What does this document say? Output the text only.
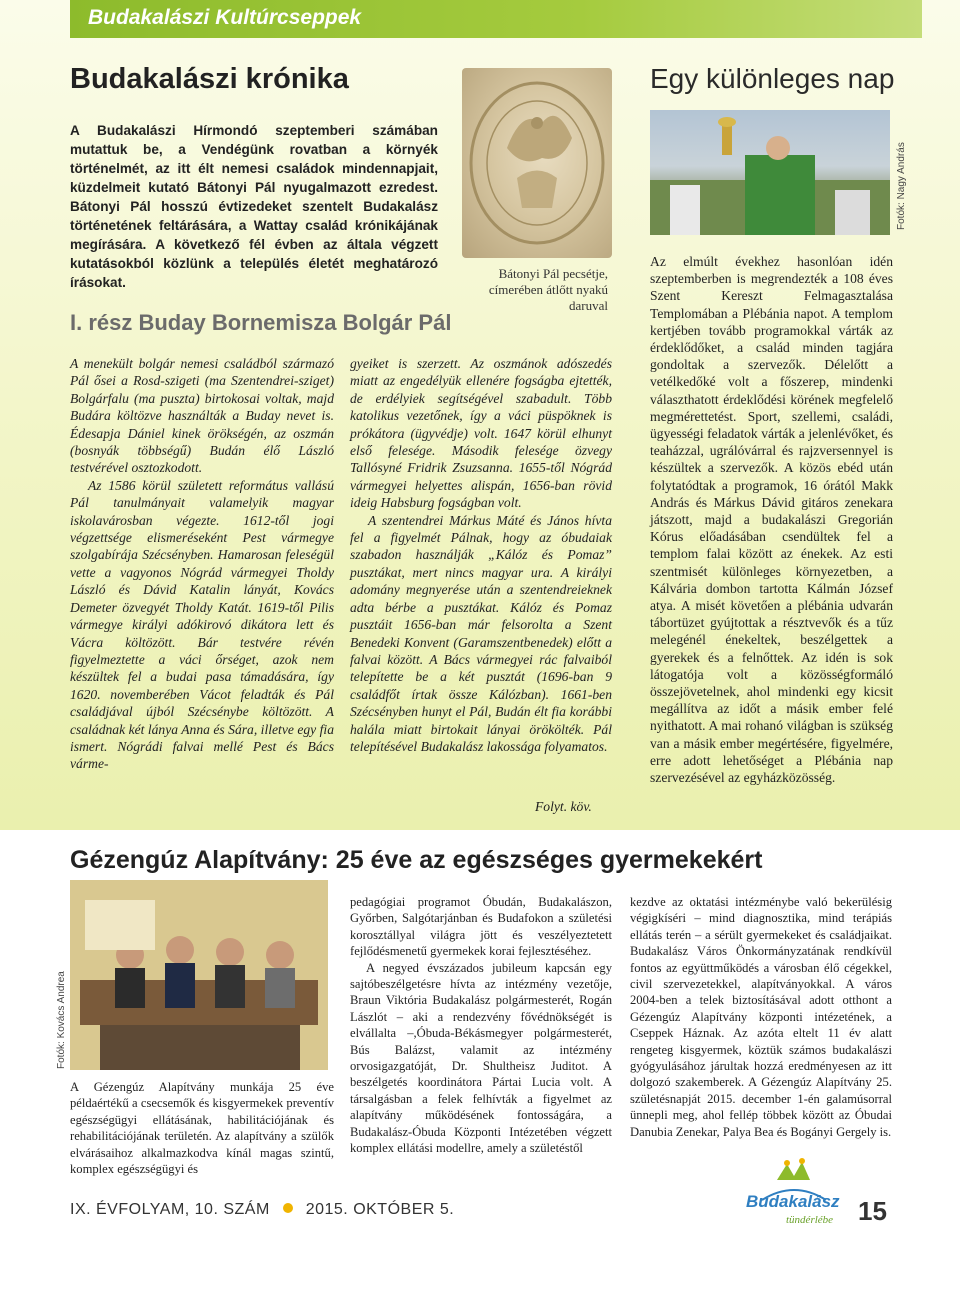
Budakalászi Kultúrcseppek
Budakalászi krónika
A Budakalászi Hírmondó szeptemberi számában mutattuk be, a Vendégünk rovatban a környék történelmét, az itt élt nemesi családok mindennapjait, küzdelmeit kutató Bátonyi Pál nyugalmazott ezredest. Bátonyi Pál hosszú évtizedeket szentelt Budakalász történetének feltárására, a Wattay család krónikájának megírására. A következő fél évben az általa végzett kutatásokból közlünk a település életét meghatározó írásokat.
I. rész Buday Bornemisza Bolgár Pál

A menekült bolgár nemesi családból származó Pál ősei a Rosd-szigeti (ma Szentendrei-sziget) Bolgárfalu (ma puszta) birtokosai voltak, majd Budára költözve használták a Buday nevet is. Édesapja Dániel kinek örökségén, az oszmán (bosnyák többségű) Budán élő László testvérével osztozkodott.

Az 1586 körül született református vallású Pál tanulmányait valamelyik magyar iskolavárosban végezte. 1612-től jogi végzettsége elismeréseként Pest vármegye szolgabírája Szécsényben. Hamarosan feleségül vette a vagyonos Nógrád vármegyei Tholdy László és Dávid Katalin lányát, Kovács Demeter özvegyét Tholdy Katát. 1619-től Pilis vármegye királyi adókirovó dikátora lett és Vácra költözött. Bár testvére révén figyelmeztette a váci őrséget, azok nem készültek fel a budai pasa támadására, így 1620. novemberében Vácot feladták és Pál családjával újból Szécsénybe költözött. A családnak két lánya Anna és Sára, illetve egy fia ismert. Nógrádi falvai mellé Pest és Bács várme-

gyeiket is szerzett. Az oszmánok adószedés miatt az engedélyük ellenére fogságba ejtették, de erdélyiek segítségével szabadult. Több katolikus vezetőnek, így a váci püspöknek is prókátora (ügyvédje) volt. 1647 körül elhunyt első felesége. Második felesége özvegy Tallósyné Fridrik Zsuzsanna. 1655-től Nógrád vármegyei helyettes alispán, 1656-ban rövid ideig Habsburg fogságban volt.

A szentendrei Márkus Máté és János hívta fel a figyelmét Pálnak, hogy az óbudaiak szabadon használják „Kálóz és Pomaz” pusztákat, mert nincs magyar ura. A királyi adomány megnyerése után a szentendreieknek adta bérbe a pusztákat. Kálóz és Pomaz pusztáit 1656-ban már felsorolta a Szent Benedeki Konvent (Garamszentbenedek) előtt a falvai között. A Bács vármegyei rác falvaiból telepítette be a két pusztát (1696-ban 9 családfőt írtak össze Kálózban). 1661-ben Szécsényben hunyt el Pál, Budán élt fia korábbi halála miatt birtokait lányai örökölték. Pál telepítésével Budakalász lakossága folyamatos.

Folyt. köv.
Bátonyi Pál pecsétje, címerében átlőtt nyakú daruval
Egy különleges nap
Fotók: Nagy András
Az elmúlt évekhez hasonlóan idén szeptemberben is megrendezték a 108 éves Szent Kereszt Felmagasztalása Templomában a Plébánia napot. A templom kertjében tovább programokkal várták az érdeklődőket, a család minden tagjára gondoltak a szervezők. Délelőtt a vetélkedőké volt a főszerep, mindenki választhatott érdeklődési körének megfelelő megmérettetést. Sport, szellemi, családi, ügyességi feladatok várták a jelenlévőket, és teaházzal, ugrálóvárral és rajzversennyel is készültek a szervezők. A közös ebéd után folytatódtak a programok, 16 órától Makk András és Márkus Dávid gitáros zenekara játszott, majd a budakalászi Gregorián Kórus előadásában csendültek fel a templom falai között az énekek. Az esti szentmisét különleges környezetben, a Kálvária dombon tartotta Kálmán József atya. A misét követően a plébánia udvarán tábortüzet gyújtottak a résztvevők és a tűz melegénél énekeltek, beszélgettek a gyerekek és a felnőttek. Az idén is sok látogatója volt a közösségformáló összejövetelnek, ahol mindenki egy kicsit megállítva az időt a másik ember felé nyithatott. A mai rohanó világban is szükség van a másik ember megértésére, figyelmére, erre adott lehetőséget a Plébánia nap szervezésével az egyházközösség.
Gézengúz Alapítvány: 25 éve az egészséges gyermekekért
Fotók: Kovács Andrea
A Gézengúz Alapítvány munkája 25 éve példaértékű a csecsemők és kisgyermekek preventív egészségügyi ellátásának, habilitációjának és rehabilitációjának területén. Az alapítvány a szülők elvárásaihoz alkalmazkodva kínál magas szintű, komplex egészségügyi és

pedagógiai programot Óbudán, Budakalászon, Győrben, Salgótarjánban és Budafokon a születési korosztállyal világra jött és veszélyeztetett fejlődésmenetű gyermekek korai fejlesztéséhez.

A negyed évszázados jubileum kapcsán egy sajtóbeszélgetésre hívta az intézmény vezetője, Braun Viktória Budakalász polgármesterét, Rogán Lászlót – aki a rendezvény fővédnökségét is elvállalta –,Óbuda-Békásmegyer polgármesterét, Bús Balázst, valamit az intézmény orvosigazgatóját, Dr. Shultheisz Juditot. A beszélgetés koordinátora Pártai Lucia volt. A társalgásban a felek felhívták a figyelmet az alapítvány működésének fontosságára, a Budakalász-Óbuda Központi Intézetében végzett komplex ellátási modellre, amely a születéstől

kezdve az oktatási intézménybe való bekerülésig végigkíséri – mind diagnosztika, mind terápiás ellátás terén – a sérült gyermekeket és családjaikat. Budakalász Város Önkormányzatának rendkívül fontos az együttműködés a városban élő cégekkel, civil szervezetekkel, alapítványokkal. A város 2004-ben a telek biztosításával adott otthont a Gézengúz Alapítvány központi intézetének, a Cseppek Háznak. Az azóta eltelt 11 év alatt rengeteg kisgyermek, köztük számos budakalászi gyógyulásához járultak hozzá eredményesen az itt dolgozó szakemberek. A Gézengúz Alapítvány 25. születésnapját 2015. december 1-én galamúsorral ünnepli meg, ahol fellép többek között az Óbudai Danubia Zenekar, Palya Bea és Bogányi Gergely is.
IX. ÉVFOLYAM, 10. SZÁM 2015. OKTÓBER 5.	Budakalász
tündérlébe 15
